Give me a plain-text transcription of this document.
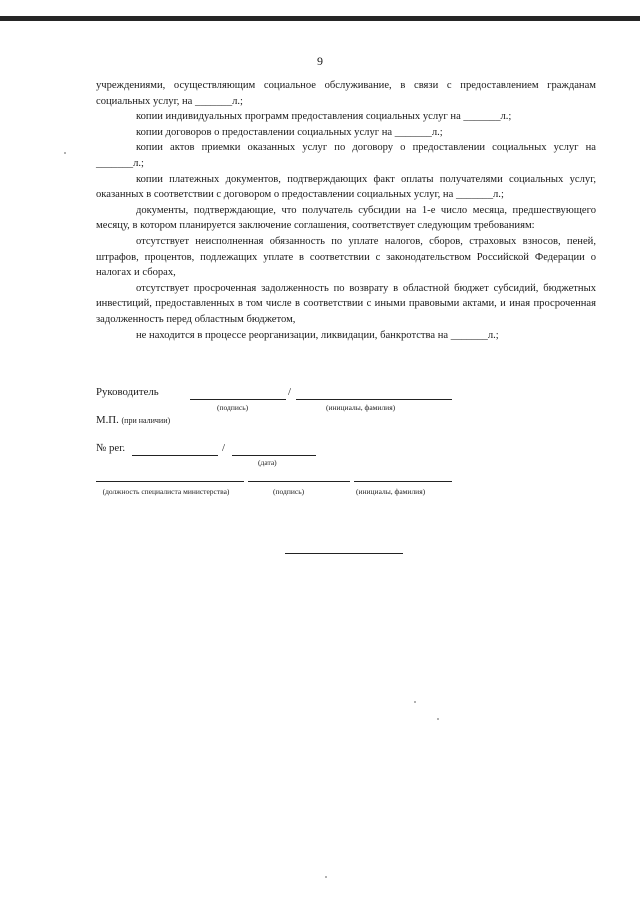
9

учреждениями, осуществляющим социальное обслуживание, в связи с предоставлением гражданам социальных услуг, на _______л.;

копии индивидуальных программ предоставления социальных услуг на _______л.;

копии договоров о предоставлении социальных услуг на _______л.;

копии актов приемки оказанных услуг по договору о предоставлении социальных услуг на _______л.;

копии платежных документов, подтверждающих факт оплаты получателями социальных услуг, оказанных в соответствии с договором о предоставлении социальных услуг, на _______л.;

документы, подтверждающие, что получатель субсидии на 1-е число месяца, предшествующего месяцу, в котором планируется заключение соглашения, соответствует следующим требованиям:

отсутствует неисполненная обязанность по уплате налогов, сборов, страховых взносов, пеней, штрафов, процентов, подлежащих уплате в соответствии с законодательством Российской Федерации о налогах и сборах,

отсутствует просроченная задолженность по возврату в областной бюджет субсидий, бюджетных инвестиций, предоставленных в том числе в соответствии с иными правовыми актами, и иная просроченная задолженность перед областным бюджетом,

не находится в процессе реорганизации, ликвидации, банкротства на _______л.;

Руководитель	/
(подпись)	(инициалы, фамилия)
М.П. (при наличии)
№ рег.	/
(дата)
(должность специалиста министерства)	(подпись)	(инициалы, фамилия)
